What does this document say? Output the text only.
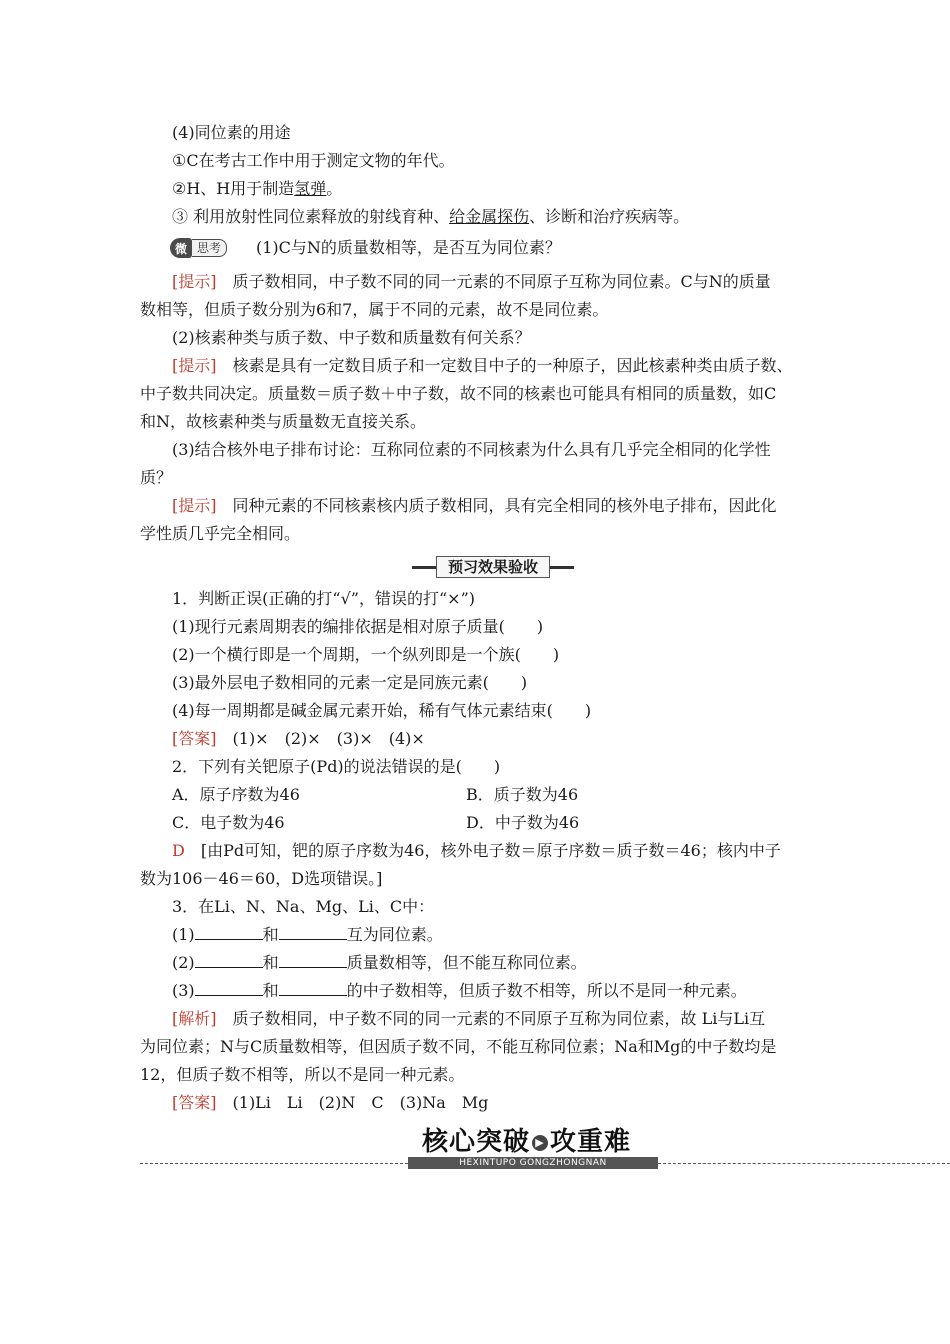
(4)同位素的用途
①C在考古工作中用于测定文物的年代。
②H、H用于制造氢弹。
③ 利用放射性同位素释放的射线育种、给金属探伤、诊断和治疗疾病等。
微 思考	(1)C与N的质量数相等，是否互为同位素？
[提示]　 质子数相同，中子数不同的同一元素的不同原子互称为同位素。C与N的质量
数相等，但质子数分别为6和7，属于不同的元素，故不是同位素。
(2)核素种类与质子数、中子数和质量数有何关系？
[提示]　 核素是具有一定数目质子和一定数目中子的一种原子，因此核素种类由质子数、
中子数共同决定。质量数＝质子数＋中子数，故不同的核素也可能具有相同的质量数，如C
和N，故核素种类与质量数无直接关系。
(3)结合核外电子排布讨论：互称同位素的不同核素为什么具有几乎完全相同的化学性
质？
[提示]　 同种元素的不同核素核内质子数相同，具有完全相同的核外电子排布，因此化
学性质几乎完全相同。
预习效果验收
1．判断正误(正确的打“√”，错误的打“×”)
(1)现行元素周期表的编排依据是相对原子质量(　　)
(2)一个横行即是一个周期，一个纵列即是一个族(　　)
(3)最外层电子数相同的元素一定是同族元素(　　)
(4)每一周期都是碱金属元素开始，稀有气体元素结束(　　)
[答案]　 (1)×　(2)×　(3)×　(4)×
2．下列有关钯原子(Pd)的说法错误的是(　　)
A．原子序数为46	B．质子数为46
C．电子数为46	D．中子数为46
D　 [由Pd可知，钯的原子序数为46，核外电子数＝原子序数＝质子数＝46；核内中子
数为106－46＝60，D选项错误。]
3．在Li、N、Na、Mg、Li、C中：
(1)	和	互为同位素。
(2)	和	质量数相等，但不能互称同位素。
(3)	和	的中子数相等，但质子数不相等，所以不是同一种元素。
[解析]　 质子数相同，中子数不同的同一元素的不同原子互称为同位素，故 Li与Li互
为同位素；N与C质量数相等，但因质子数不同，不能互称同位素；Na和Mg的中子数均是
12，但质子数不相等，所以不是同一种元素。
[答案]　 (1)Li　Li　(2)N　C　(3)Na　Mg
核心突破 ▶ 攻重难
HEXINTUPO GONGZHONGNAN
